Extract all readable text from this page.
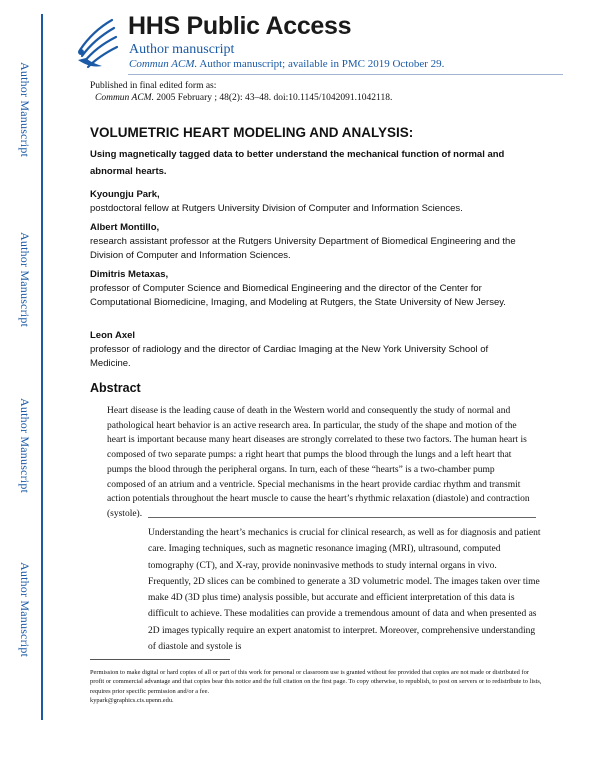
HHS Public Access
Author manuscript
Commun ACM. Author manuscript; available in PMC 2019 October 29.
Author Manuscript
Author Manuscript
Author Manuscript
Author Manuscript
Published in final edited form as:
Commun ACM. 2005 February ; 48(2): 43–48. doi:10.1145/1042091.1042118.
VOLUMETRIC HEART MODELING AND ANALYSIS:
Using magnetically tagged data to better understand the mechanical function of normal and abnormal hearts.
Kyoungju Park,
postdoctoral fellow at Rutgers University Division of Computer and Information Sciences.
Albert Montillo,
research assistant professor at the Rutgers University Department of Biomedical Engineering and the Division of Computer and Information Sciences.
Dimitris Metaxas,
professor of Computer Science and Biomedical Engineering and the director of the Center for Computational Biomedicine, Imaging, and Modeling at Rutgers, the State University of New Jersey.
Leon Axel
professor of radiology and the director of Cardiac Imaging at the New York University School of Medicine.
Abstract
Heart disease is the leading cause of death in the Western world and consequently the study of normal and pathological heart behavior is an active research area. In particular, the study of the shape and motion of the heart is important because many heart diseases are strongly correlated to these two factors. The human heart is composed of two separate pumps: a right heart that pumps the blood through the lungs and a left heart that pumps the blood through the peripheral organs. In turn, each of these “hearts” is a two-chamber pump composed of an atrium and a ventricle. Special mechanisms in the heart provide cardiac rhythm and transmit action potentials throughout the heart muscle to cause the heart’s rhythmic relaxation (diastole) and contraction (systole).
Understanding the heart’s mechanics is crucial for clinical research, as well as for diagnosis and patient care. Imaging techniques, such as magnetic resonance imaging (MRI), ultrasound, computed tomography (CT), and X-ray, provide noninvasive methods to study internal organs in vivo. Frequently, 2D slices can be combined to generate a 3D volumetric model. The images taken over time make 4D (3D plus time) analysis possible, but accurate and efficient interpretation of this data is difficult to achieve. These modalities can provide a tremendous amount of data and when presented as 2D images typically require an expert anatomist to interpret. Moreover, comprehensive understanding of diastole and systole is
Permission to make digital or hard copies of all or part of this work for personal or classroom use is granted without fee provided that copies are not made or distributed for profit or commercial advantage and that copies bear this notice and the full citation on the first page. To copy otherwise, to republish, to post on servers or to redistribute to lists, requires prior specific permission and/or a fee.
kypark@graphics.cis.upenn.edu.
